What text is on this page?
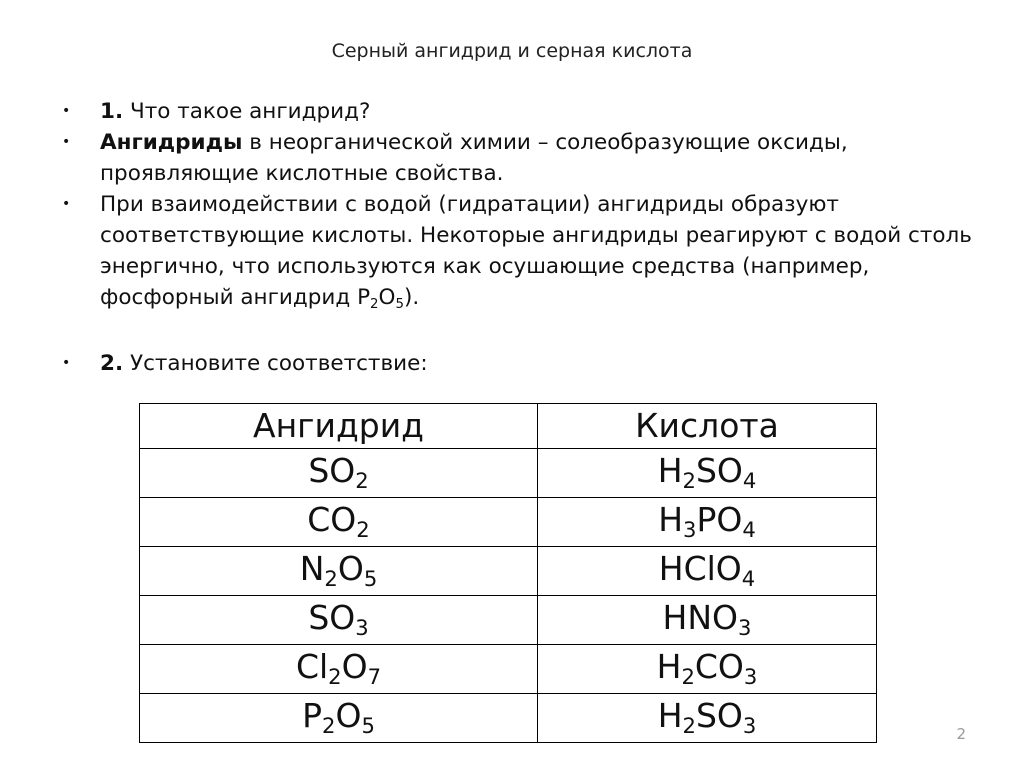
Серный ангидрид и серная кислота
• 1. Что такое ангидрид?
• Ангидриды в неорганической химии – солеобразующие оксиды, проявляющие кислотные свойства.
• При взаимодействии с водой (гидратации) ангидриды образуют соответствующие кислоты. Некоторые ангидриды реагируют с водой столь энергично, что используются как осушающие средства (например, фосфорный ангидрид $P_2O_5$).
• 2. Установите соответствие:
Ангидрид	Кислота
$SO_2$	$H_2SO_4$
$CO_2$	$H_3PO_4$
$N_2O_5$	HClO$_4$
$SO_3$	$HNO_3$
$Cl_2O_7$	$H_2CO_3$
$P_2O_5$	$H_2SO_3$	2
